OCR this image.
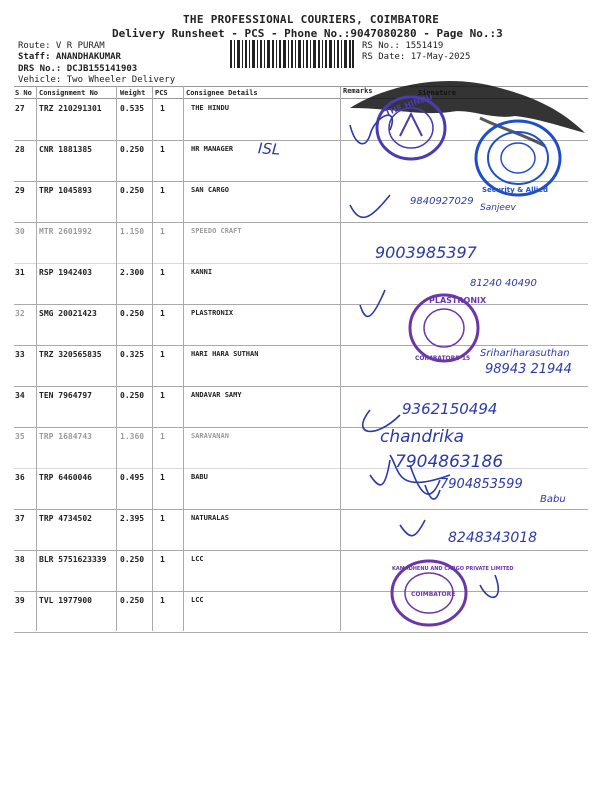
THE PROFESSIONAL COURIERS, COIMBATORE
Delivery Runsheet - PCS - Phone No.:9047080280 - Page No.:3
Route: V R PURAM
Staff: ANANDHAKUMAR
DRS No.: DCJB155141903
Vehicle: Two Wheeler Delivery
RS No.: 1551419
RS Date: 17-May-2025
S No Consignment No	Weight PCS	Consignee Details	Remarks
27 TRZ 210291301 0.535 1	THE HINDU
28 CNR 1881385	0.250 1	HR MANAGER
29 TRP 1045893	0.250 1	SAN CARGO
30 MTR 2601992	1.150 1	SPEEDO CRAFT
31 RSP 1942403	2.300 1	KANNI
32 SMG 20021423	0.250 1	PLASTRONIX
33 TRZ 320565835 0.325 1	HARI HARA SUTHAN
34 TEN 7964797	0.250 1	ANDAVAR SAMY
35 TRP 1684743	1.360 1	SARAVANAN
36 TRP 6460046	0.495 1	BABU
37 TRP 4734502	2.395 1	NATURALAS
38 BLR 5751623339 0.250 1	LCC
39 TVL 1977900	0.250 1	LCC
THE HINDU
Security & Allied
ISL
9840927029
Sanjeev
9003985397
81240 40490
Srihariharasuthan
98943 21944
9362150494
chandrika
7904863186
7904853599
Babu
8248343018
PLASTRONIX
COIMBATORE-15
KAMADHENU AND CARGO PRIVATE LIMITED
COIMBATORE
